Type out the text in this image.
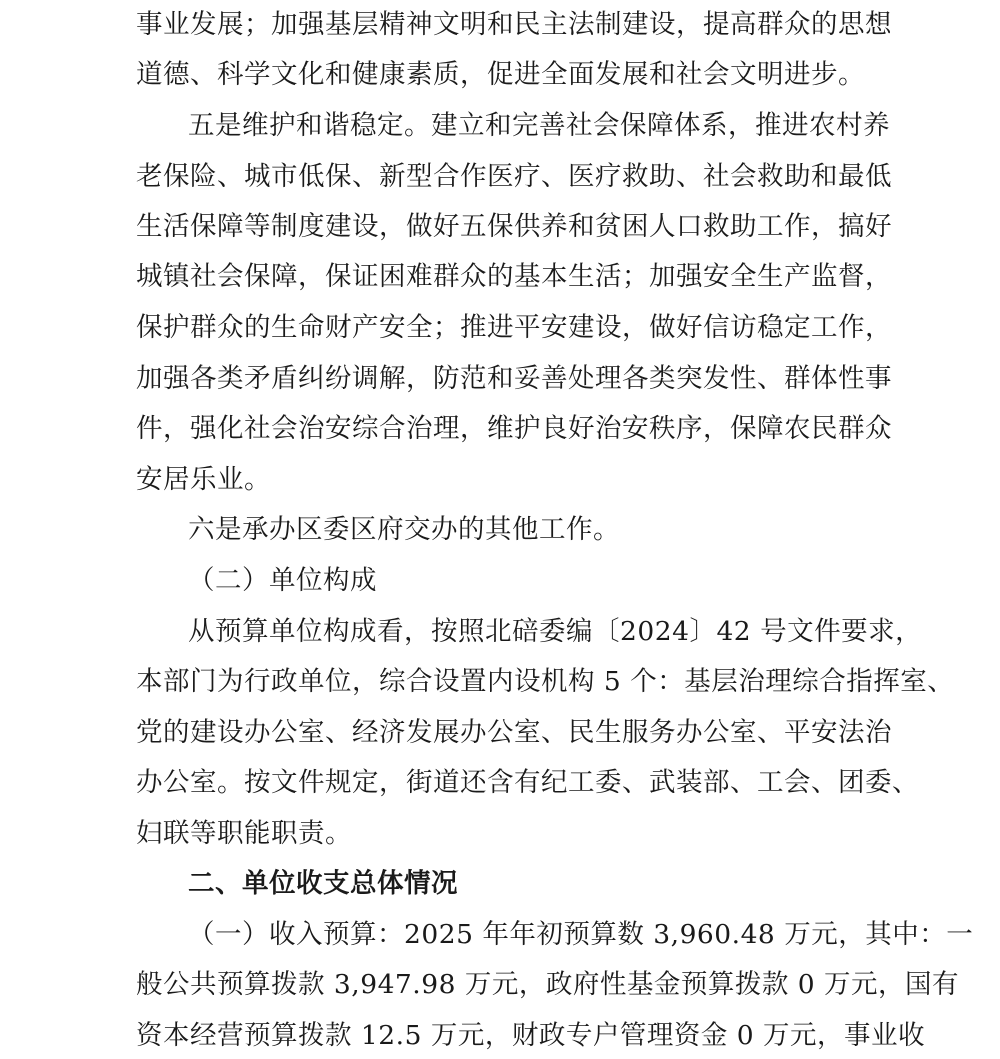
事业发展；加强基层精神文明和民主法制建设，提高群众的思想
道德、科学文化和健康素质，促进全面发展和社会文明进步。
五是维护和谐稳定。建立和完善社会保障体系，推进农村养
老保险、城市低保、新型合作医疗、医疗救助、社会救助和最低
生活保障等制度建设，做好五保供养和贫困人口救助工作，搞好
城镇社会保障，保证困难群众的基本生活；加强安全生产监督，
保护群众的生命财产安全；推进平安建设，做好信访稳定工作，
加强各类矛盾纠纷调解，防范和妥善处理各类突发性、群体性事
件，强化社会治安综合治理，维护良好治安秩序，保障农民群众
安居乐业。
六是承办区委区府交办的其他工作。
（二）单位构成
从预算单位构成看，按照北碚委编〔2024〕42 号文件要求，
本部门为行政单位，综合设置内设机构 5 个：基层治理综合指挥室、
党的建设办公室、经济发展办公室、民生服务办公室、平安法治
办公室。按文件规定，街道还含有纪工委、武装部、工会、团委、
妇联等职能职责。
二、单位收支总体情况
（一）收入预算：2025 年年初预算数 3,960.48 万元，其中：一
般公共预算拨款 3,947.98 万元，政府性基金预算拨款 0 万元，国有
资本经营预算拨款 12.5 万元，财政专户管理资金 0 万元，事业收
